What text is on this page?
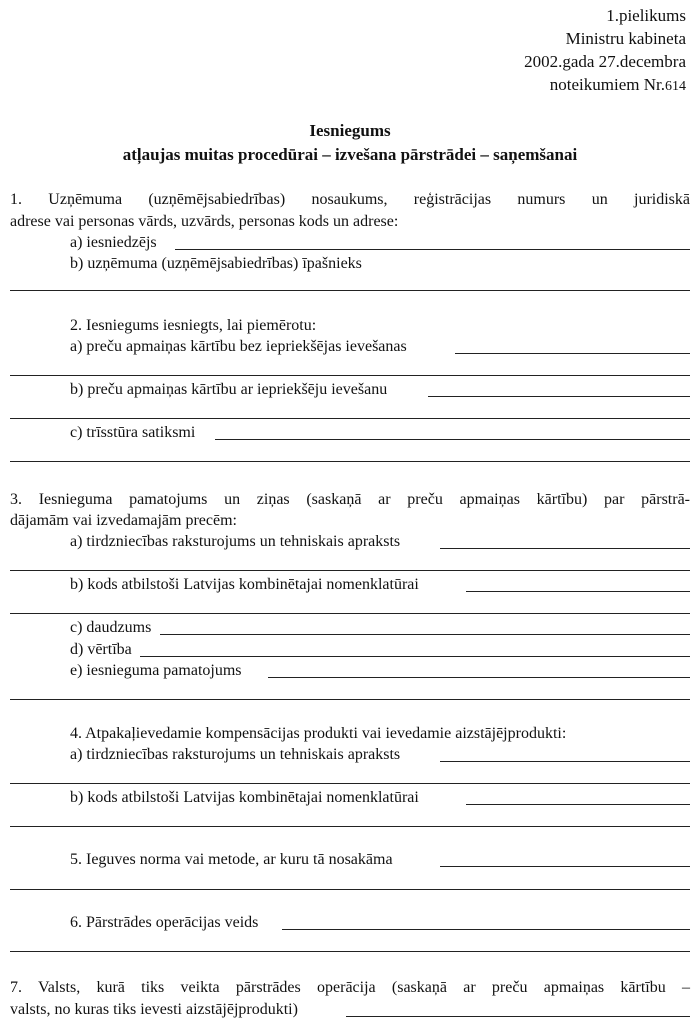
1.pielikums
Ministru kabineta
2002.gada 27.decembra
noteikumiem Nr.614
Iesniegums
atļaujas muitas procedūrai – izvešana pārstrādei – saņemšanai
1. Uzņēmuma (uzņēmējsabiedrības) nosaukums, reģistrācijas numurs un juridiskā
adrese vai personas vārds, uzvārds, personas kods un adrese:
a) iesniedzējs
b) uzņēmuma (uzņēmējsabiedrības) īpašnieks
2. Iesniegums iesniegts, lai piemērotu:
a) preču apmaiņas kārtību bez iepriekšējas ievešanas
b) preču apmaiņas kārtību ar iepriekšēju ievešanu
c) trīsstūra satiksmi
3. Iesnieguma pamatojums un ziņas (saskaņā ar preču apmaiņas kārtību) par pārstrā-
dājamām vai izvedamajām precēm:
a) tirdzniecības raksturojums un tehniskais apraksts
b) kods atbilstoši Latvijas kombinētajai nomenklatūrai
c) daudzums
d) vērtība
e) iesnieguma pamatojums
4. Atpakaļievedamie kompensācijas produkti vai ievedamie aizstājējprodukti:
a) tirdzniecības raksturojums un tehniskais apraksts
b) kods atbilstoši Latvijas kombinētajai nomenklatūrai
5. Ieguves norma vai metode, ar kuru tā nosakāma
6. Pārstrādes operācijas veids
7. Valsts, kurā tiks veikta pārstrādes operācija (saskaņā ar preču apmaiņas kārtību –
valsts, no kuras tiks ievesti aizstājējprodukti)
